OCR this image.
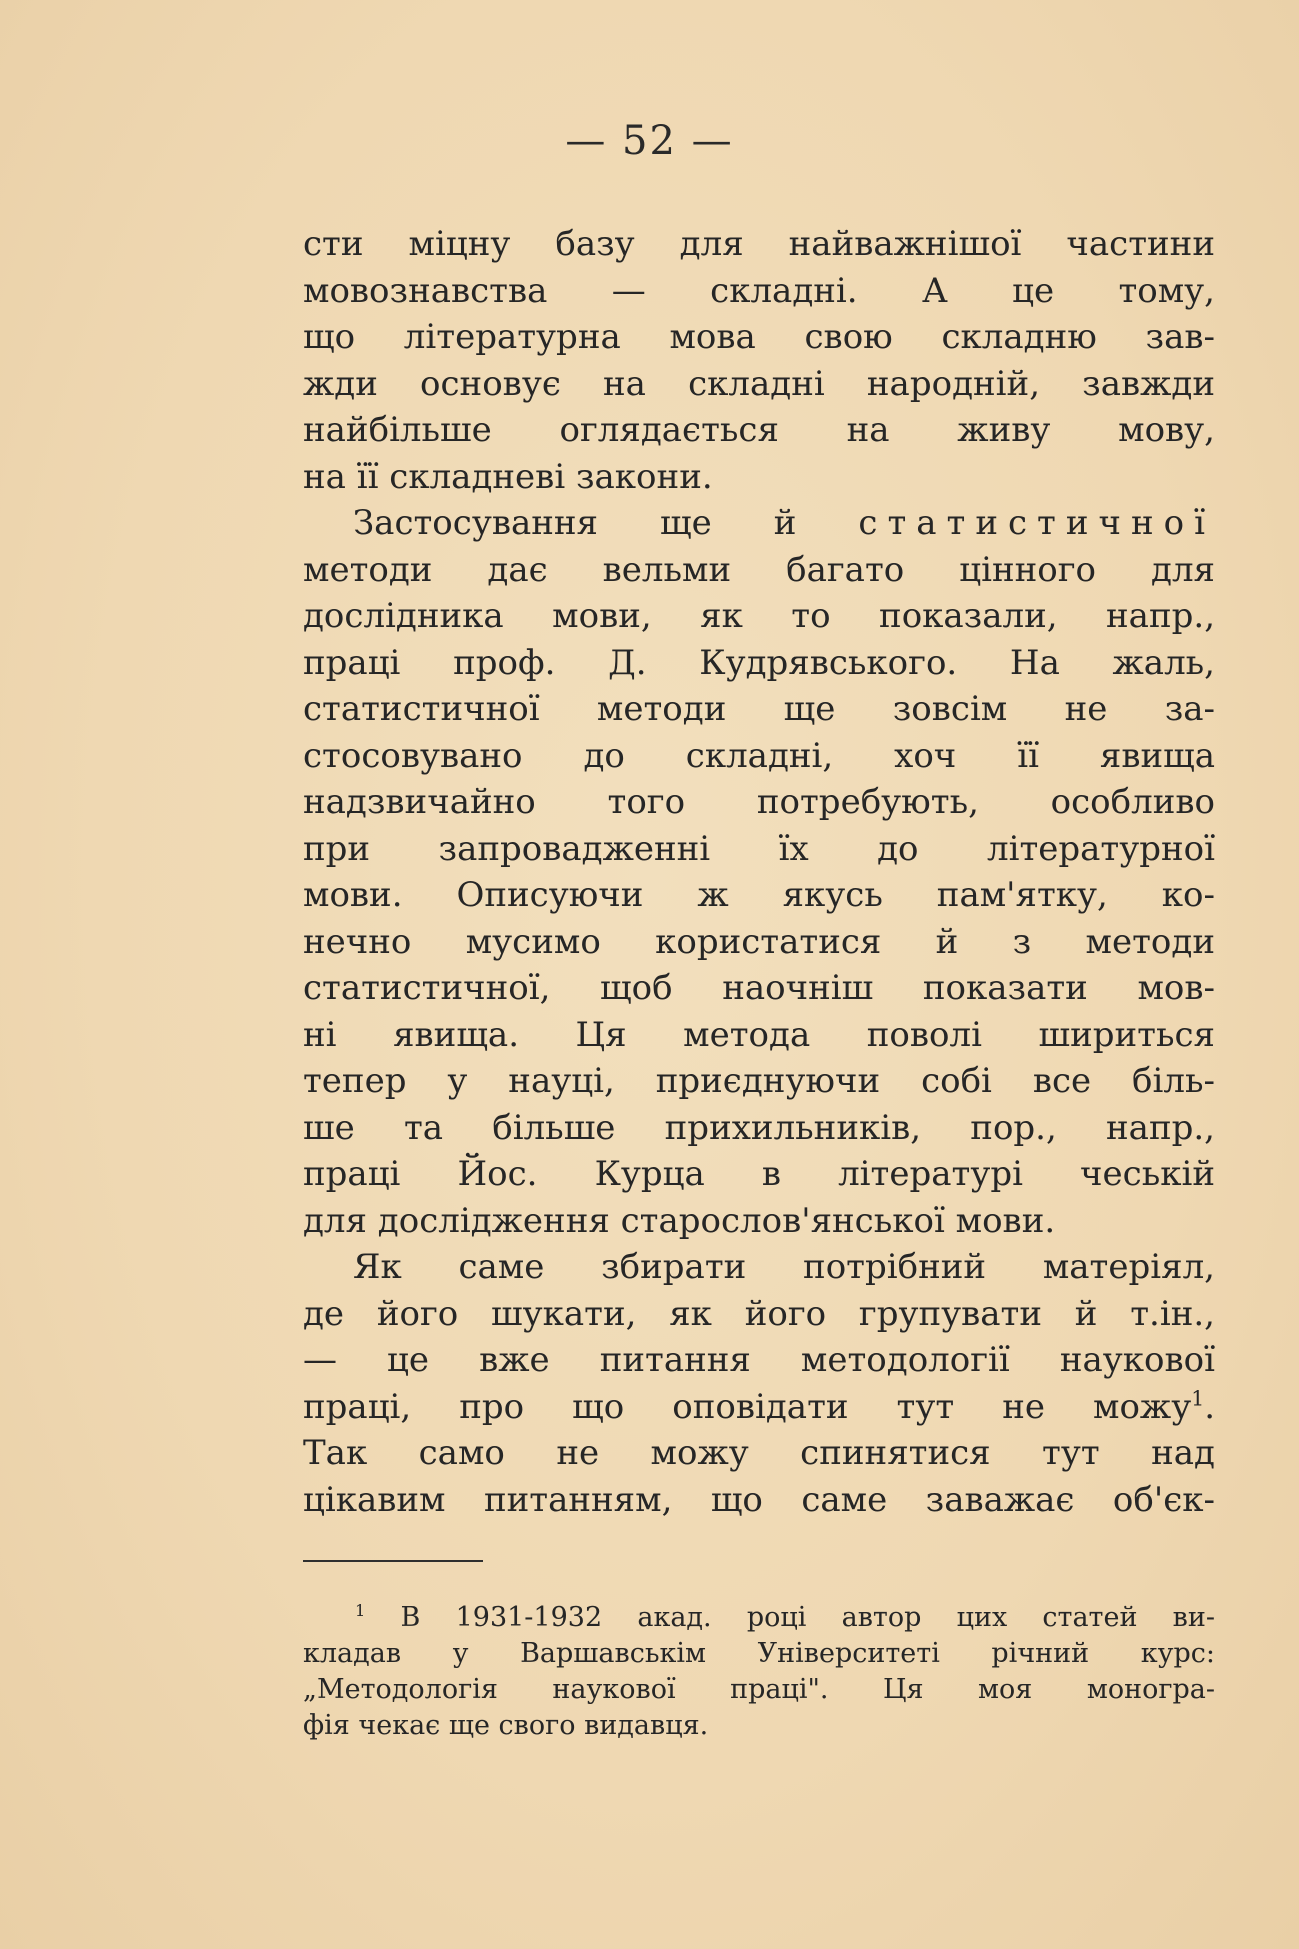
— 52 —
сти міцну базу для найважнішої частини
мовознавства — складні. А це тому,
що літературна мова свою складню зав-
жди основує на складні народній, завжди
найбільше оглядається на живу мову,
на її складневі закони.
Застосування ще й статистичної
методи дає вельми багато цінного для
дослідника мови, як то показали, напр.,
праці проф. Д. Кудрявського. На жаль,
статистичної методи ще зовсім не за-
стосовувано до складні, хоч її явища
надзвичайно того потребують, особливо
при запровадженні їх до літературної
мови. Описуючи ж якусь пам'ятку, ко-
нечно мусимо користатися й з методи
статистичної, щоб наочніш показати мов-
ні явища. Ця метода поволі шириться
тепер у науці, приєднуючи собі все біль-
ше та більше прихильників, пор., напр.,
праці Йос. Курца в літературі чеській
для дослідження старослов'янської мови.
Як саме збирати потрібний матеріял,
де його шукати, як його групувати й т.ін.,
— це вже питання методології наукової
праці, про що оповідати тут не можу$^1$.
Так само не можу спинятися тут над
цікавим питанням, що саме заважає об'єк-
$^1$ В 1931-1932 акад. році автор цих статей ви-
кладав у Варшавськім Університеті річний курс:
„Методологія наукової праці". Ця моя моногра-
фія чекає ще свого видавця.
